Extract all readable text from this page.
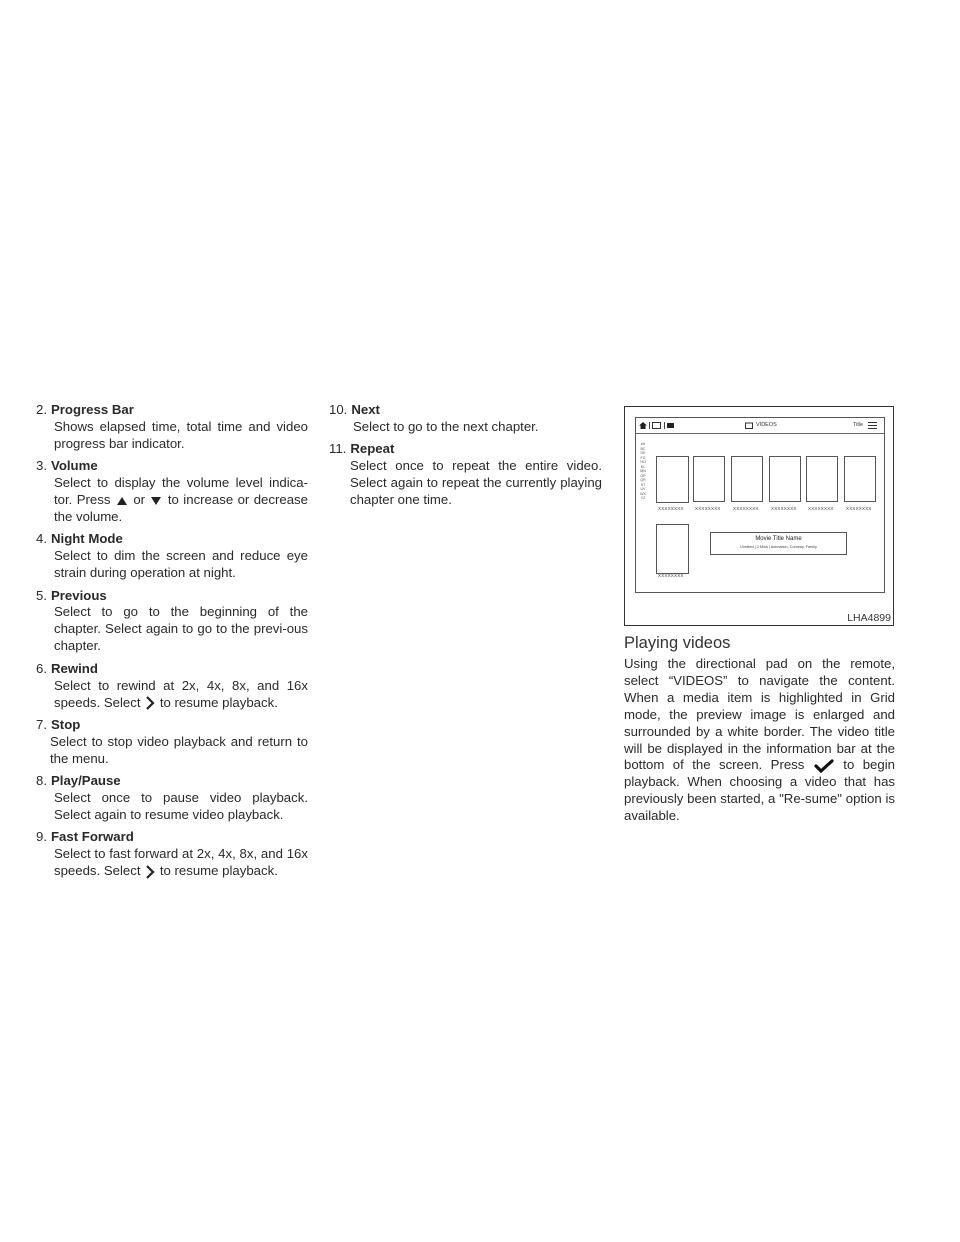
2. Progress Bar
Shows elapsed time, total time and video progress bar indicator.
3. Volume
Select to display the volume level indica-tor. Press or to increase or decrease the volume.
4. Night Mode
Select to dim the screen and reduce eye strain during operation at night.
5. Previous
Select to go to the beginning of the chapter. Select again to go to the previ-ous chapter.
6. Rewind
Select to rewind at 2x, 4x, 8x, and 16x speeds. Select to resume playback.
7. Stop
Select to stop video playback and return to the menu.
8. Play/Pause
Select once to pause video playback. Select again to resume video playback.
9. Fast Forward
Select to fast forward at 2x, 4x, 8x, and 16x speeds. Select to resume playback.
10. Next
Select to go to the next chapter.
11. Repeat
Select once to repeat the entire video. Select again to repeat the currently playing chapter one time.
VIDEOS	Title
#ABCDEFGHIJKLMNOPQRSTUVWXYZ
XXXXXXXX	XXXXXXXX	XXXXXXXX	XXXXXXXX	XXXXXXXX	XXXXXXXX
XXXXXXXX
Movie Title Name
Unrated | 2 Mins | Animation, Comedy, Family
LHA4899
Playing videos
Using the directional pad on the remote, select “VIDEOS” to navigate the content. When a media item is highlighted in Grid mode, the preview image is enlarged and surrounded by a white border. The video title will be displayed in the information bar at the bottom of the screen. Press	to begin playback. When choosing a video that has previously been started, a "Re-sume" option is available.
